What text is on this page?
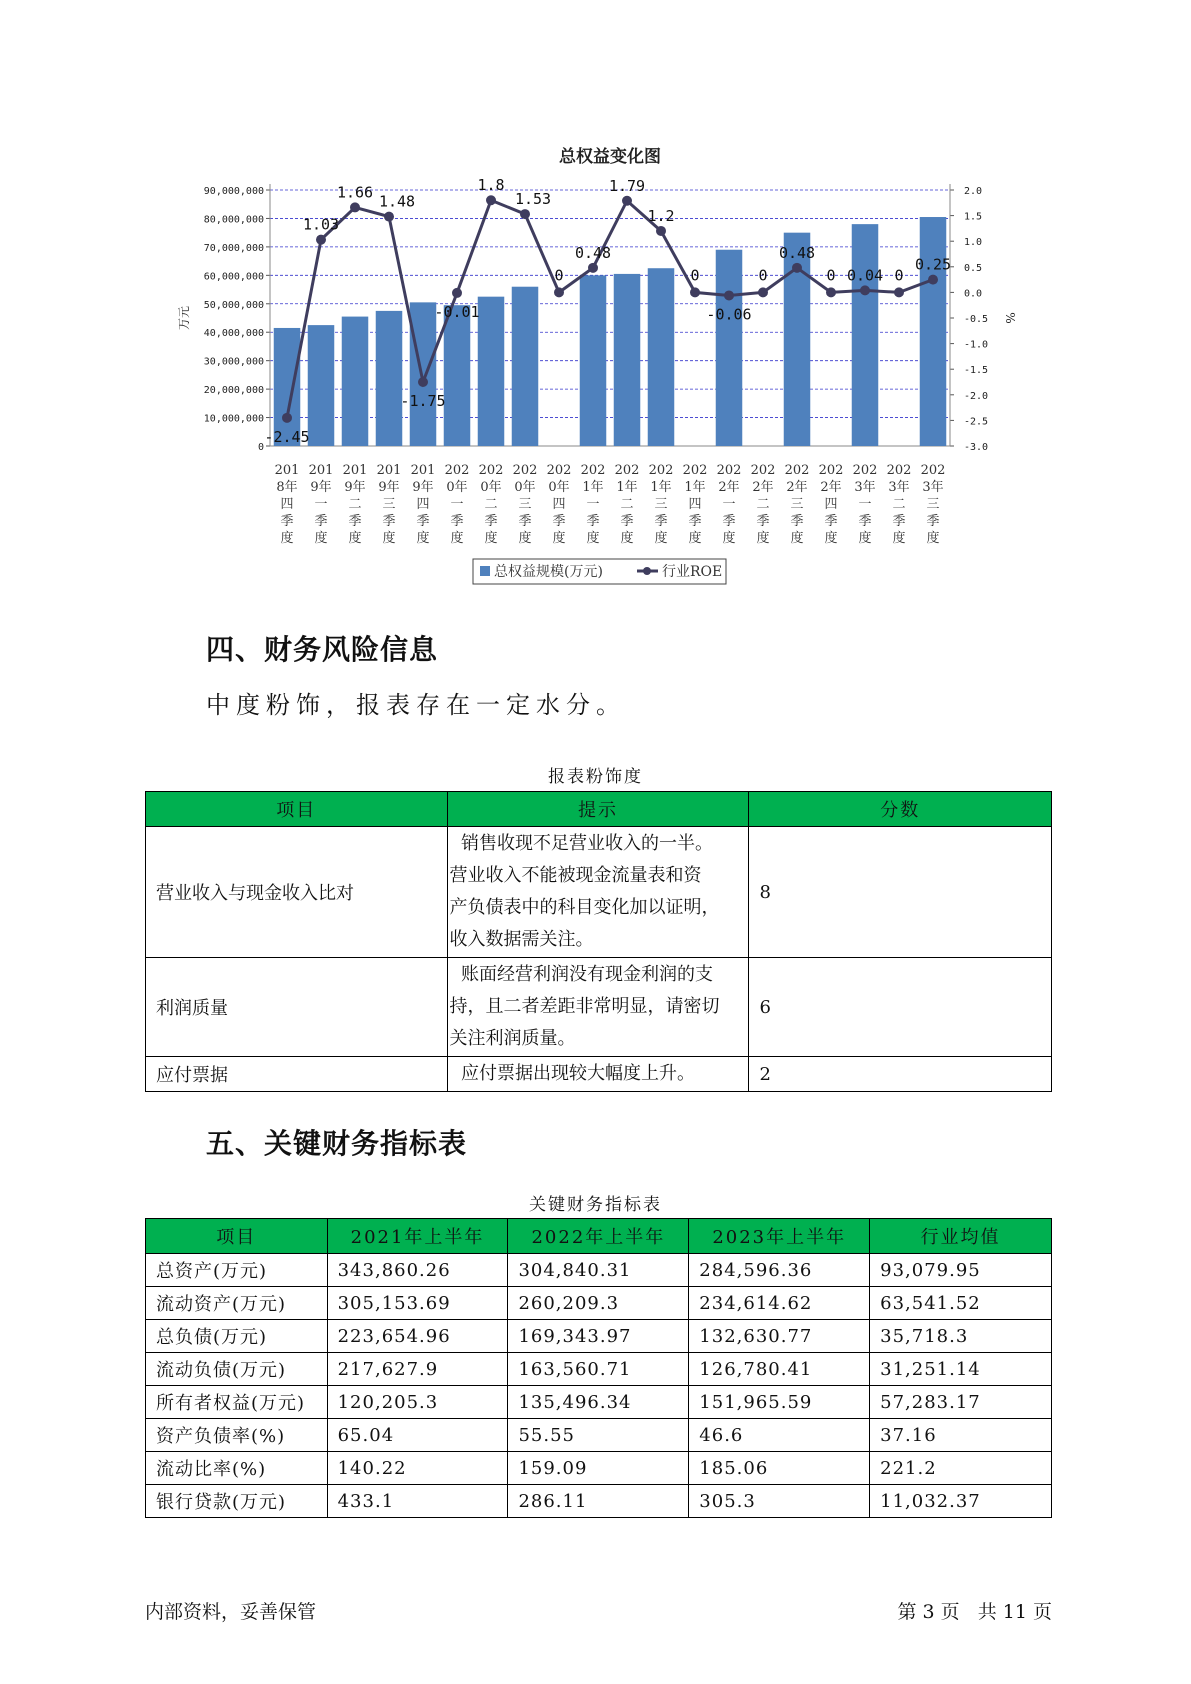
总权益变化图
0
10,000,000
20,000,000
30,000,000
40,000,000
50,000,000
60,000,000
70,000,000
80,000,000
90,000,000
-3.0
-2.5
-2.0
-1.5
-1.0
-0.5
0.0
0.5
1.0
1.5
2.0
万元	%
-2.45
1.03
1.66
1.48
-1.75
-0.01
1.8
1.53
0
0.48
1.79
1.2
0
-0.06
0
0.48
0 0.04 0
0.25
201
8年
四
季
度
201
9年
一
季
度
201
9年
二
季
度
201
9年
三
季
度
201
9年
四
季
度
202
0年
一
季
度
202
0年
二
季
度
202
0年
三
季
度
202
0年
四
季
度
202
1年
一
季
度
202
1年
二
季
度
202
1年
三
季
度
202
1年
四
季
度
202
2年
一
季
度
202
2年
二
季
度
202
2年
三
季
度
202
2年
四
季
度
202
3年
一
季
度
202
3年
二
季
度
202
3年
三
季
度
总权益规模(万元)	行业ROE
四、财务风险信息
中度粉饰，报表存在一定水分。
报表粉饰度
项目	提示	分数
营业收入与现金收入比对	销售收现不足营业收入的一半。
营业收入不能被现金流量表和资
产负债表中的科目变化加以证明，
收入数据需关注。	8
利润质量	账面经营利润没有现金利润的支
持，且二者差距非常明显，请密切
关注利润质量。	6
应付票据	应付票据出现较大幅度上升。	2
五、关键财务指标表
关键财务指标表
项目	2021年上半年	2022年上半年	2023年上半年	行业均值
总资产(万元)	343,860.26	304,840.31	284,596.36	93,079.95
流动资产(万元)	305,153.69	260,209.3	234,614.62	63,541.52
总负债(万元)	223,654.96	169,343.97	132,630.77	35,718.3
流动负债(万元)	217,627.9	163,560.71	126,780.41	31,251.14
所有者权益(万元)	120,205.3	135,496.34	151,965.59	57,283.17
资产负债率(%)	65.04	55.55	46.6	37.16
流动比率(%)	140.22	159.09	185.06	221.2
银行贷款(万元)	433.1	286.11	305.3	11,032.37
内部资料，妥善保管	第 3 页   共 11 页
